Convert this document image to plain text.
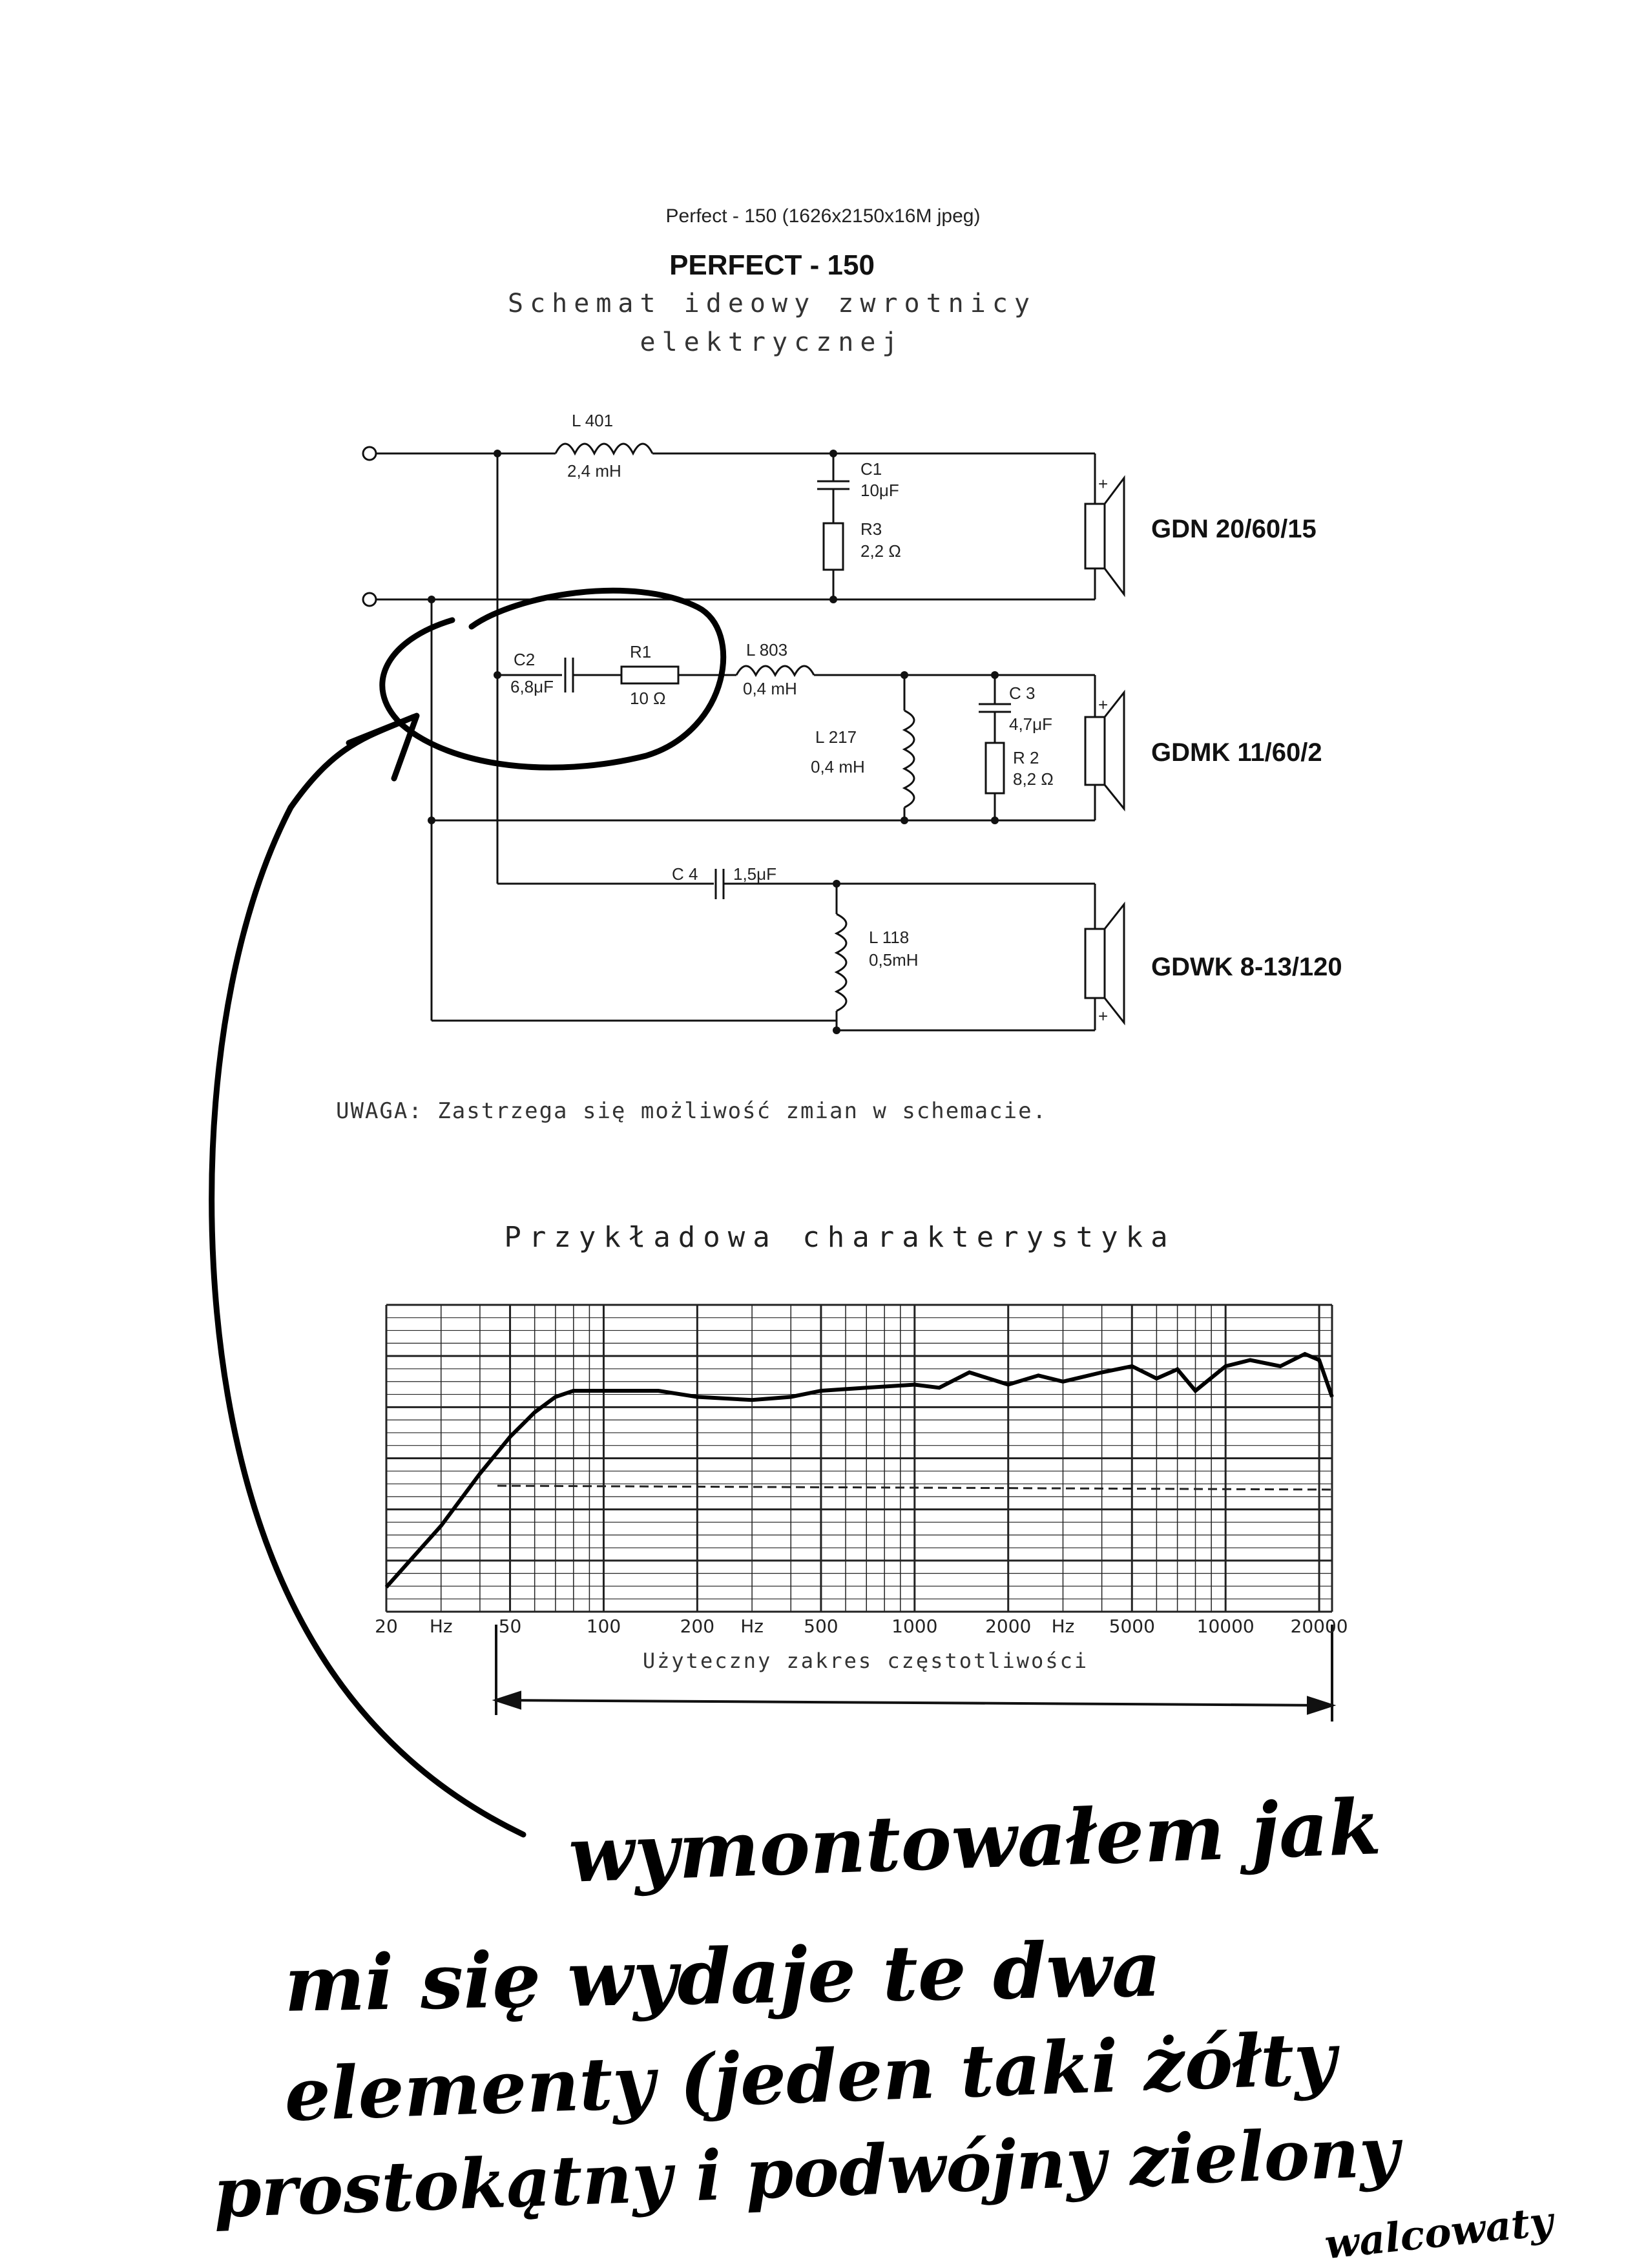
Perfect - 150 (1626x2150x16M jpeg)
PERFECT - 150
Schemat ideowy zwrotnicy
elektrycznej
L 401
2,4 mH	C1
10μF
R3
2,2 Ω
C2
6,8μF
R1
10 Ω
L 803
0,4 mH
L 217
0,4 mH
C 3
4,7μF
R 2
8,2 Ω
C 4 1,5μF
L 118
0,5mH
+
+
+
GDN 20/60/15
GDMK 11/60/2
GDWK 8-13/120
UWAGA: Zastrzega się możliwość zmian w schemacie.
Przykładowa charakterystyka
20 Hz	50	100	200 Hz 500	1000	2000 Hz 5000 10000 20000
Użyteczny zakres częstotliwości
wymontowałem jak
mi się wydaje te dwa
elementy (jeden taki żółty
prostokątny i podwójny zielony
walcowaty
